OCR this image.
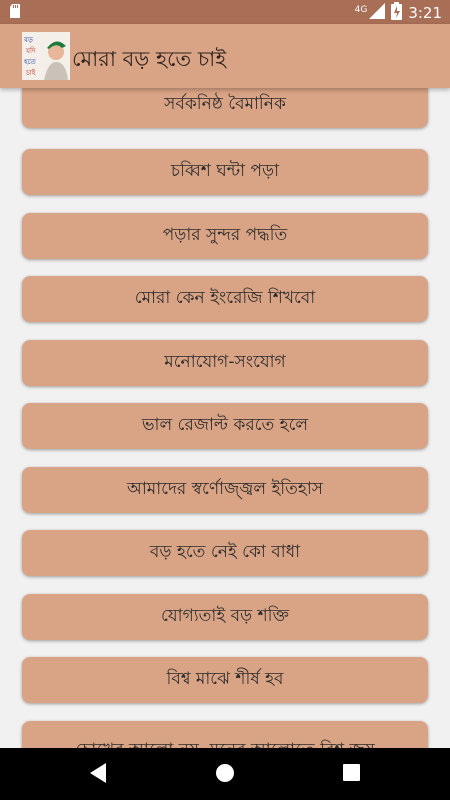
4G	3:21
বড়
যদি
হতে
চাই
মোরা বড় হতে চাই
সর্বকনিষ্ঠ বৈমানিক
চব্বিশ ঘন্টা পড়া
পড়ার সুন্দর পদ্ধতি
মোরা কেন ইংরেজি শিখবো
মনোযোগ-সংযোগ
ভাল রেজাল্ট করতে হলে
আমাদের স্বর্ণোজ্জ্বল ইতিহাস
বড় হতে নেই কো বাধা
যোগ্যতাই বড় শক্তি
বিশ্ব মাঝে শীর্ষ হব
